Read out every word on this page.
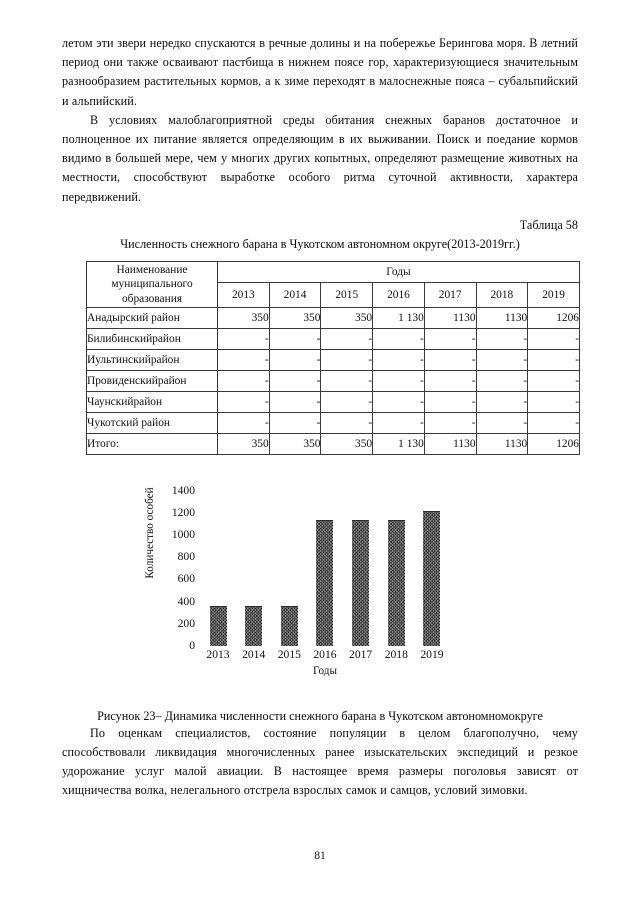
летом эти звери нередко спускаются в речные долины и на побережье Берингова моря. В летний период они также осваивают пастбища в нижнем поясе гор, характеризующиеся значительным разнообразием растительных кормов, а к зиме переходят в малоснежные пояса – субальпийский и альпийский.

В условиях малоблагоприятной среды обитания снежных баранов достаточное и полноценное их питание является определяющим в их выживании. Поиск и поедание кормов видимо в большей мере, чем у многих других копытных, определяют размещение животных на местности, способствуют выработке особого ритма суточной активности, характера передвижений.

Таблица 58
Численность снежного барана в Чукотском автономном округе(2013-2019гг.)
Наименование муниципального образования	Годы						
	2013	2014	2015	2016	2017	2018	2019
Анадырский район	350	350	350	1 130	1130	1130	1206
Билибинскийрайон	-	-	-	-	-	-	-
Иультинскийрайон	-	-	-	-	-	-	-
Провиденскийрайон	-	-	-	-	-	-	-
Чаунскийрайон	-	-	-	-	-	-	-
Чукотский район	-	-	-	-	-	-	-
Итого:	350	350	350	1 130	1130	1130	1206
Количество особей
0
200
400
600
800
1000
1200
1400
2013 2014 2015 2016 2017 2018 2019
Годы
Рисунок 23– Динамика численности снежного барана в Чукотском автономномокруге

По оценкам специалистов, состояние популяции в целом благополучно, чему способствовали ликвидация многочисленных ранее изыскательских экспедиций и резкое удорожание услуг малой авиации. В настоящее время размеры поголовья зависят от хищничества волка, нелегального отстрела взрослых самок и самцов, условий зимовки.

81
